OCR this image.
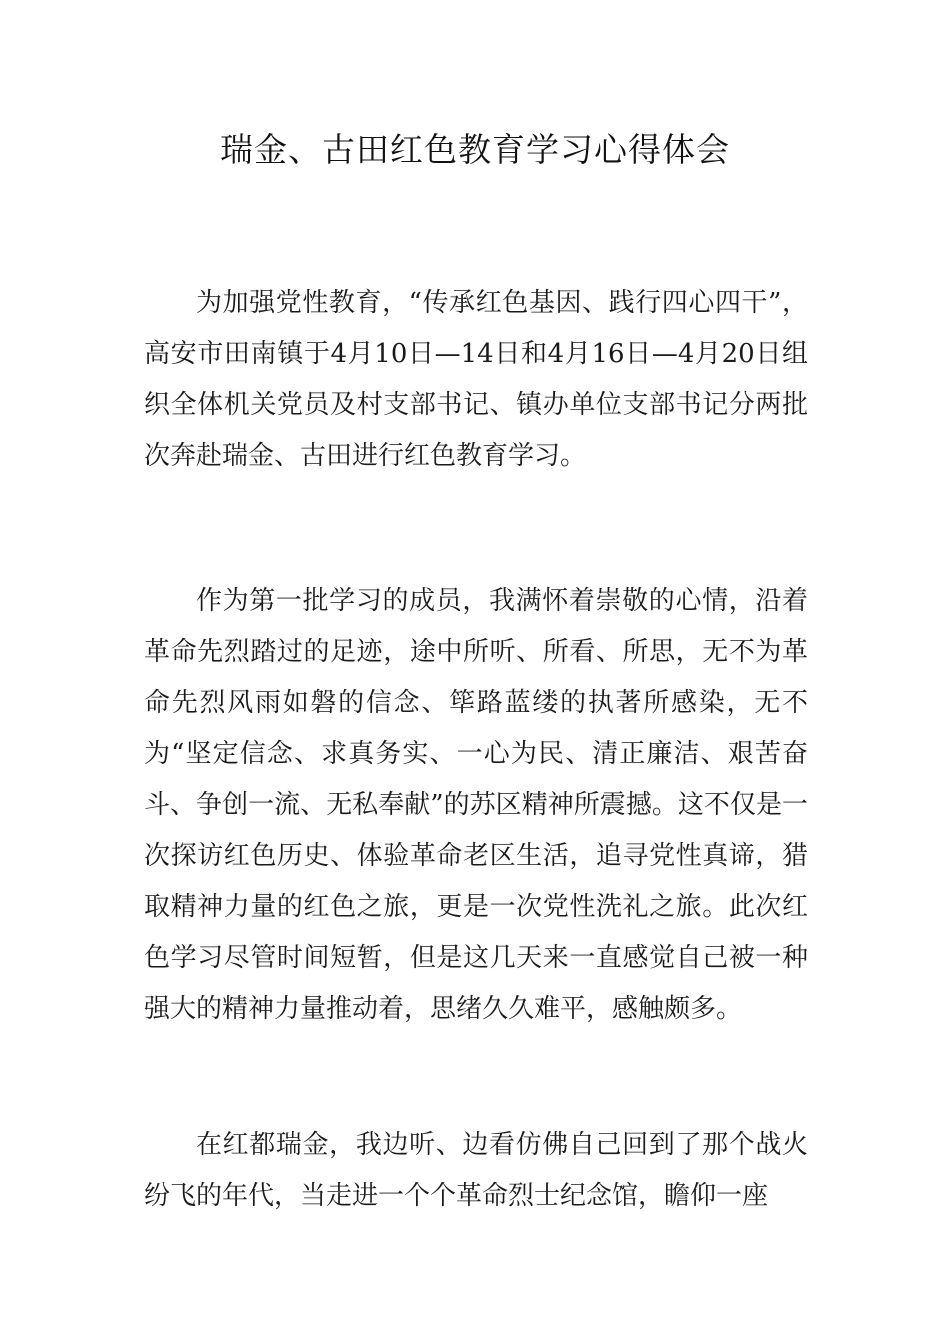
瑞金、古田红色教育学习心得体会

为加强党性教育，“传承红色基因、践行四心四干”，高安市田南镇于4月10日—14日和4月16日—4月20日组织全体机关党员及村支部书记、镇办单位支部书记分两批次奔赴瑞金、古田进行红色教育学习。

作为第一批学习的成员，我满怀着崇敬的心情，沿着革命先烈踏过的足迹，途中所听、所看、所思，无不为革命先烈风雨如磐的信念、筚路蓝缕的执著所感染，无不为“坚定信念、求真务实、一心为民、清正廉洁、艰苦奋斗、争创一流、无私奉献”的苏区精神所震撼。这不仅是一次探访红色历史、体验革命老区生活，追寻党性真谛，猎取精神力量的红色之旅，更是一次党性洗礼之旅。此次红色学习尽管时间短暂，但是这几天来一直感觉自己被一种强大的精神力量推动着，思绪久久难平，感触颇多。

在红都瑞金，我边听、边看仿佛自己回到了那个战火纷飞的年代，当走进一个个革命烈士纪念馆，瞻仰一座
